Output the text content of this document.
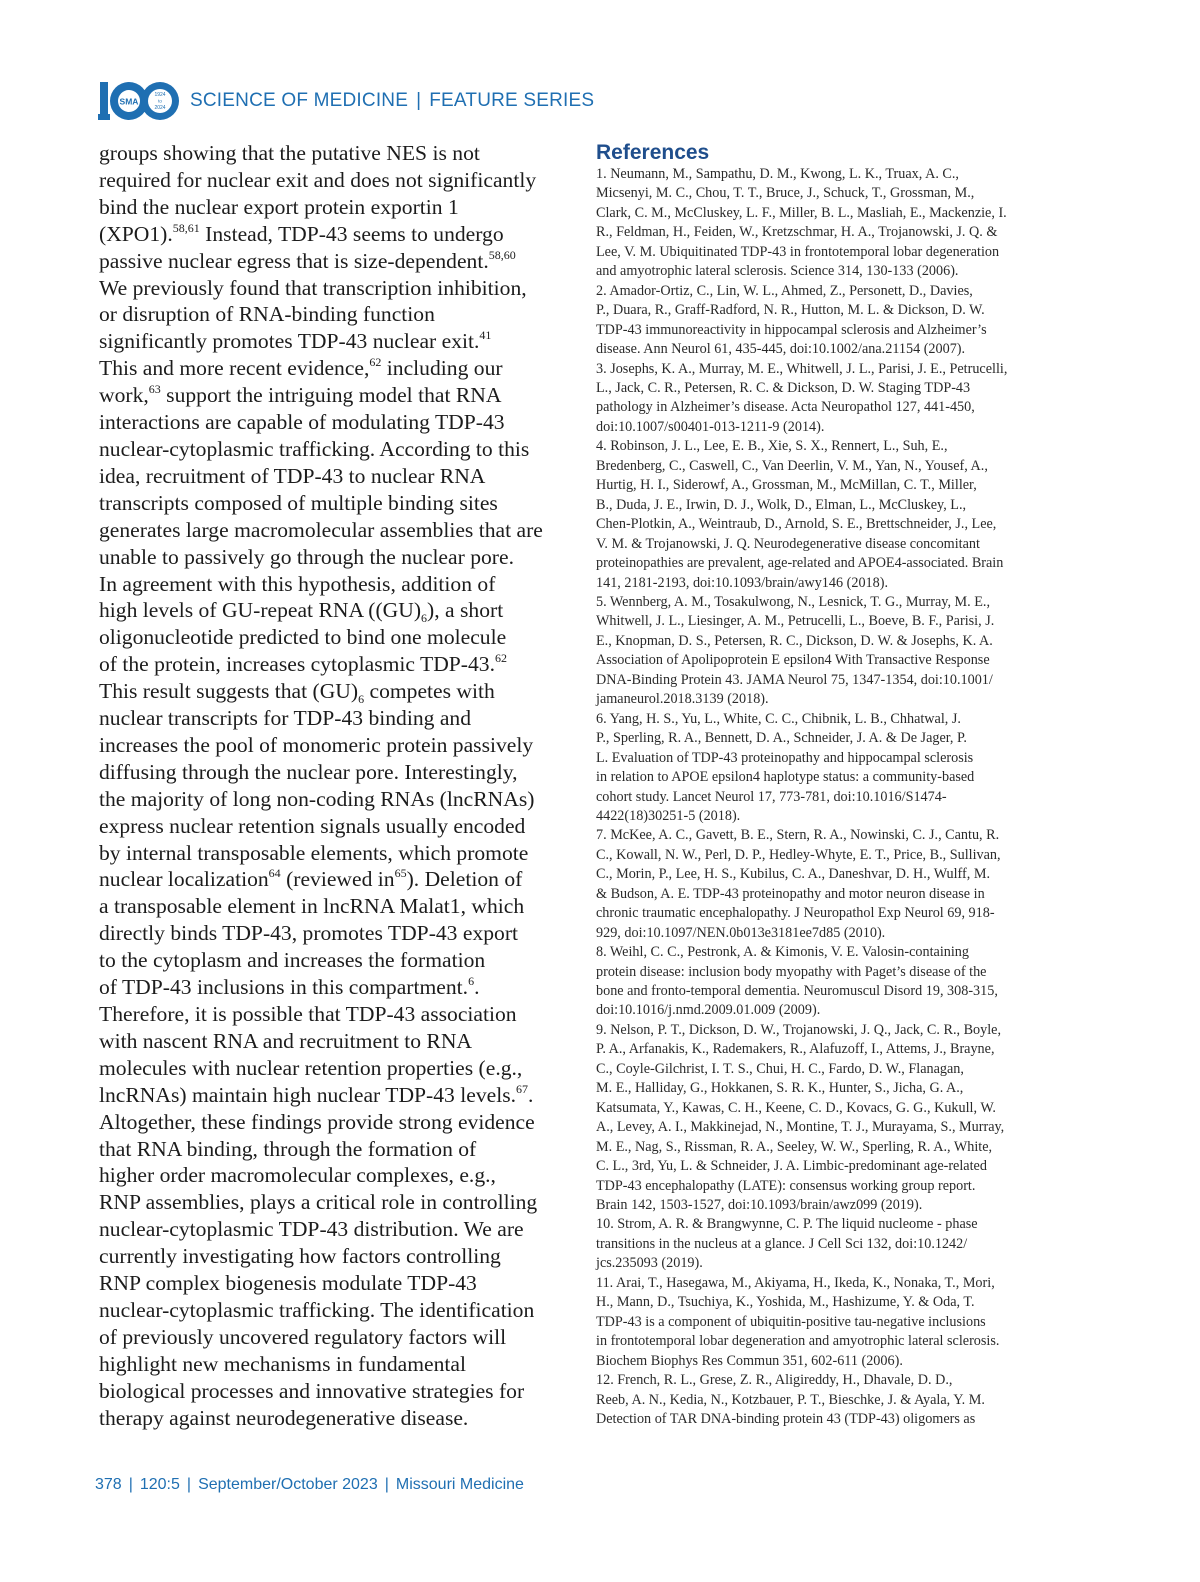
SMA
1924
to
2024 SCIENCE OF MEDICINE | FEATURE SERIES
groups showing that the putative NES is not
required for nuclear exit and does not significantly
bind the nuclear export protein exportin 1
(XPO1).$^{58,61}$ Instead, TDP-43 seems to undergo
passive nuclear egress that is size-dependent.$^{58,60}$
We previously found that transcription inhibition,
or disruption of RNA-binding function
significantly promotes TDP-43 nuclear exit.$^{41}$
This and more recent evidence,$^{62}$ including our
work,$^{63}$ support the intriguing model that RNA
interactions are capable of modulating TDP-43
nuclear-cytoplasmic trafficking. According to this
idea, recruitment of TDP-43 to nuclear RNA
transcripts composed of multiple binding sites
generates large macromolecular assemblies that are
unable to passively go through the nuclear pore.
In agreement with this hypothesis, addition of
high levels of GU-repeat RNA $((GU)_6)$, a short
oligonucleotide predicted to bind one molecule
of the protein, increases cytoplasmic TDP-43.62
This result suggests that $(GU)_6$ competes with
nuclear transcripts for TDP-43 binding and
increases the pool of monomeric protein passively
diffusing through the nuclear pore. Interestingly,
the majority of long non-coding RNAs (lncRNAs)
express nuclear retention signals usually encoded
by internal transposable elements, which promote
nuclear localization$^{64}$ (reviewed $in^{65}$). Deletion of
a transposable element in lncRNA Malat1, which
directly binds TDP-43, promotes TDP-43 export
to the cytoplasm and increases the formation
of TDP-43 inclusions in this compartment.$^6$.
Therefore, it is possible that TDP-43 association
with nascent RNA and recruitment to RNA
molecules with nuclear retention properties (e.g.,
lncRNAs) maintain high nuclear TDP-43 levels.$^{67}$.
Altogether, these findings provide strong evidence
that RNA binding, through the formation of
higher order macromolecular complexes, e.g.,
RNP assemblies, plays a critical role in controlling
nuclear-cytoplasmic TDP-43 distribution. We are
currently investigating how factors controlling
RNP complex biogenesis modulate TDP-43
nuclear-cytoplasmic trafficking. The identification
of previously uncovered regulatory factors will
highlight new mechanisms in fundamental
biological processes and innovative strategies for
therapy against neurodegenerative disease.
References
1. Neumann, M., Sampathu, D. M., Kwong, L. K., Truax, A. C.,
Micsenyi, M. C., Chou, T. T., Bruce, J., Schuck, T., Grossman, M.,
Clark, C. M., McCluskey, L. F., Miller, B. L., Masliah, E., Mackenzie, I.
R., Feldman, H., Feiden, W., Kretzschmar, H. A., Trojanowski, J. Q. &
Lee, V. M. Ubiquitinated TDP-43 in frontotemporal lobar degeneration
and amyotrophic lateral sclerosis. Science 314, 130-133 (2006).
2. Amador-Ortiz, C., Lin, W. L., Ahmed, Z., Personett, D., Davies,
P., Duara, R., Graff-Radford, N. R., Hutton, M. L. & Dickson, D. W.
TDP-43 immunoreactivity in hippocampal sclerosis and Alzheimer’s
disease. Ann Neurol 61, 435-445, doi:10.1002/ana.21154 (2007).
3. Josephs, K. A., Murray, M. E., Whitwell, J. L., Parisi, J. E., Petrucelli,
L., Jack, C. R., Petersen, R. C. & Dickson, D. W. Staging TDP-43
pathology in Alzheimer’s disease. Acta Neuropathol 127, 441-450,
doi:10.1007/s00401-013-1211-9 (2014).
4. Robinson, J. L., Lee, E. B., Xie, S. X., Rennert, L., Suh, E.,
Bredenberg, C., Caswell, C., Van Deerlin, V. M., Yan, N., Yousef, A.,
Hurtig, H. I., Siderowf, A., Grossman, M., McMillan, C. T., Miller,
B., Duda, J. E., Irwin, D. J., Wolk, D., Elman, L., McCluskey, L.,
Chen-Plotkin, A., Weintraub, D., Arnold, S. E., Brettschneider, J., Lee,
V. M. & Trojanowski, J. Q. Neurodegenerative disease concomitant
proteinopathies are prevalent, age-related and APOE4-associated. Brain
141, 2181-2193, doi:10.1093/brain/awy146 (2018).
5. Wennberg, A. M., Tosakulwong, N., Lesnick, T. G., Murray, M. E.,
Whitwell, J. L., Liesinger, A. M., Petrucelli, L., Boeve, B. F., Parisi, J.
E., Knopman, D. S., Petersen, R. C., Dickson, D. W. & Josephs, K. A.
Association of Apolipoprotein E epsilon4 With Transactive Response
DNA-Binding Protein 43. JAMA Neurol 75, 1347-1354, doi:10.1001/
jamaneurol.2018.3139 (2018).
6. Yang, H. S., Yu, L., White, C. C., Chibnik, L. B., Chhatwal, J.
P., Sperling, R. A., Bennett, D. A., Schneider, J. A. & De Jager, P.
L. Evaluation of TDP-43 proteinopathy and hippocampal sclerosis
in relation to APOE epsilon4 haplotype status: a community-based
cohort study. Lancet Neurol 17, 773-781, doi:10.1016/S1474-
4422(18)30251-5 (2018).
7. McKee, A. C., Gavett, B. E., Stern, R. A., Nowinski, C. J., Cantu, R.
C., Kowall, N. W., Perl, D. P., Hedley-Whyte, E. T., Price, B., Sullivan,
C., Morin, P., Lee, H. S., Kubilus, C. A., Daneshvar, D. H., Wulff, M.
& Budson, A. E. TDP-43 proteinopathy and motor neuron disease in
chronic traumatic encephalopathy. J Neuropathol Exp Neurol 69, 918-
929, doi:10.1097/NEN.0b013e3181ee7d85 (2010).
8. Weihl, C. C., Pestronk, A. & Kimonis, V. E. Valosin-containing
protein disease: inclusion body myopathy with Paget’s disease of the
bone and fronto-temporal dementia. Neuromuscul Disord 19, 308-315,
doi:10.1016/j.nmd.2009.01.009 (2009).
9. Nelson, P. T., Dickson, D. W., Trojanowski, J. Q., Jack, C. R., Boyle,
P. A., Arfanakis, K., Rademakers, R., Alafuzoff, I., Attems, J., Brayne,
C., Coyle-Gilchrist, I. T. S., Chui, H. C., Fardo, D. W., Flanagan,
M. E., Halliday, G., Hokkanen, S. R. K., Hunter, S., Jicha, G. A.,
Katsumata, Y., Kawas, C. H., Keene, C. D., Kovacs, G. G., Kukull, W.
A., Levey, A. I., Makkinejad, N., Montine, T. J., Murayama, S., Murray,
M. E., Nag, S., Rissman, R. A., Seeley, W. W., Sperling, R. A., White,
C. L., 3rd, Yu, L. & Schneider, J. A. Limbic-predominant age-related
TDP-43 encephalopathy (LATE): consensus working group report.
Brain 142, 1503-1527, doi:10.1093/brain/awz099 (2019).
10. Strom, A. R. & Brangwynne, C. P. The liquid nucleome - phase
transitions in the nucleus at a glance. J Cell Sci 132, doi:10.1242/
jcs.235093 (2019).
11. Arai, T., Hasegawa, M., Akiyama, H., Ikeda, K., Nonaka, T., Mori,
H., Mann, D., Tsuchiya, K., Yoshida, M., Hashizume, Y. & Oda, T.
TDP-43 is a component of ubiquitin-positive tau-negative inclusions
in frontotemporal lobar degeneration and amyotrophic lateral sclerosis.
Biochem Biophys Res Commun 351, 602-611 (2006).
12. French, R. L., Grese, Z. R., Aligireddy, H., Dhavale, D. D.,
Reeb, A. N., Kedia, N., Kotzbauer, P. T., Bieschke, J. & Ayala, Y. M.
Detection of TAR DNA-binding protein 43 (TDP-43) oligomers as
378 | 120:5 | September/October 2023 | Missouri Medicine
